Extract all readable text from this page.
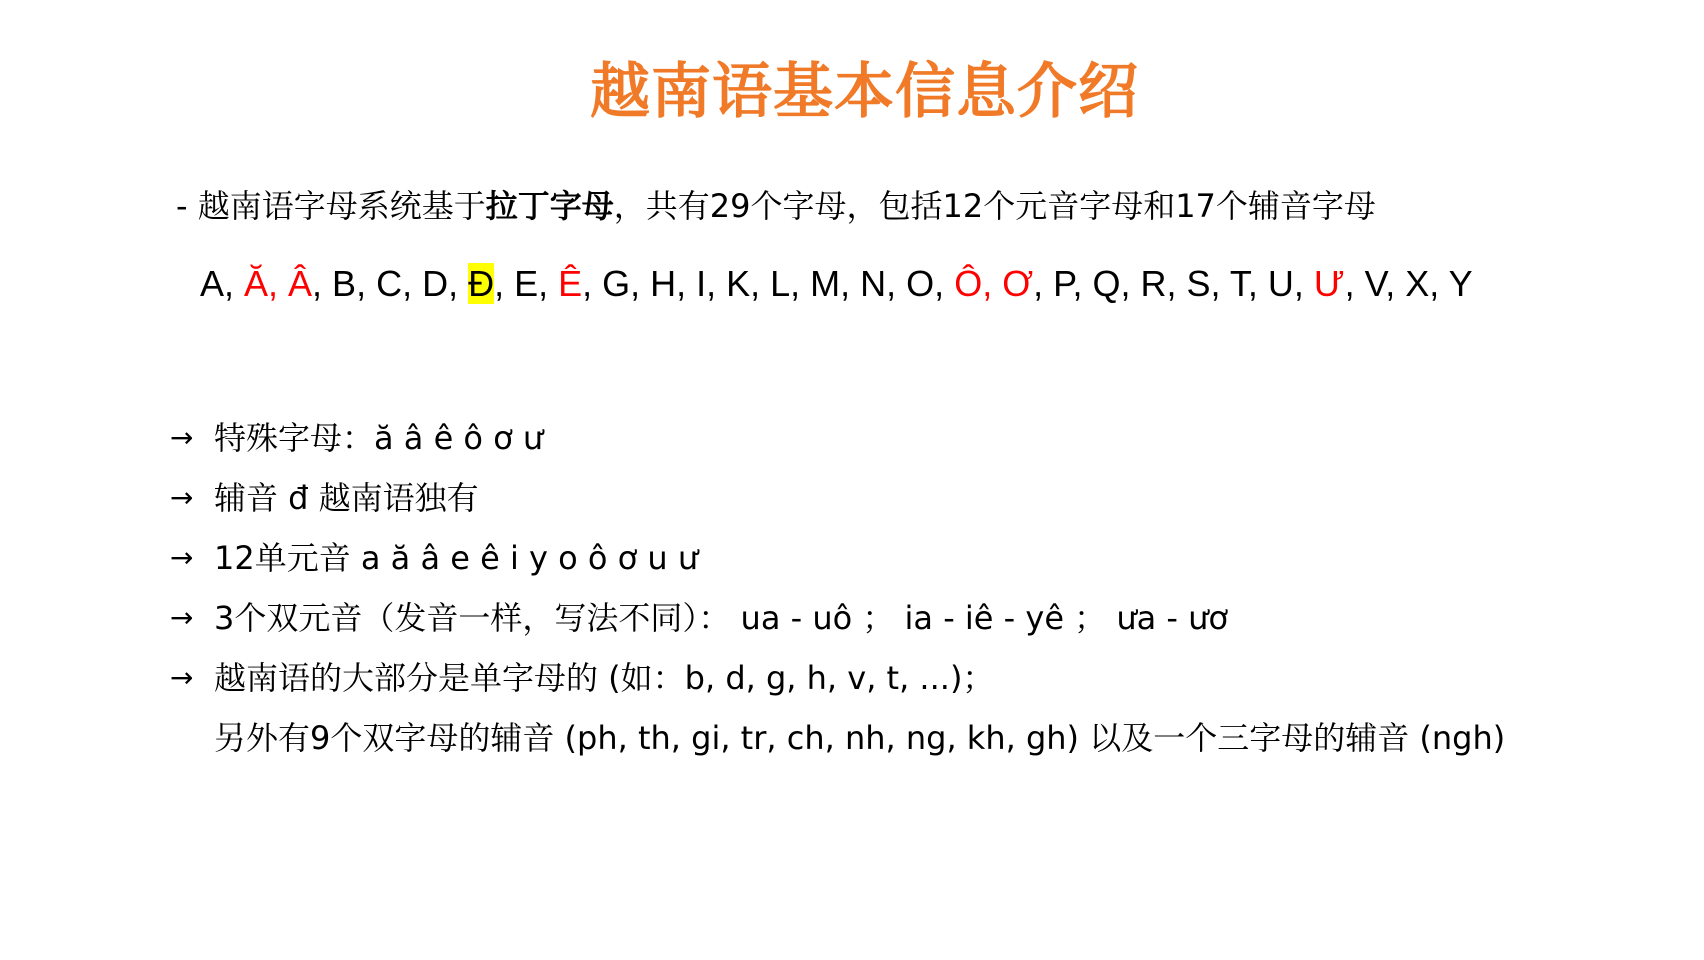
越南语基本信息介绍
- 越南语字母系统基于拉丁字母，共有29个字母，包括12个元音字母和17个辅音字母
A, Ă, Â, B, C, D, Đ, E, Ê, G, H, I, K, L, M, N, O, Ô, Ơ, P, Q, R, S, T, U, Ư, V, X, Y
→ 特殊字母：ă â ê ô ơ ư
→ 辅音 đ 越南语独有
→ 12单元音 a ă â e ê i y o ô ơ u ư
→ 3个双元音（发音一样，写法不同）： ua - uô ； ia - iê - yê ； ưa - ươ
→ 越南语的大部分是单字母的 (如：b, d, g, h, v, t, ...)；
另外有9个双字母的辅音 (ph, th, gi, tr, ch, nh, ng, kh, gh) 以及一个三字母的辅音 (ngh)
